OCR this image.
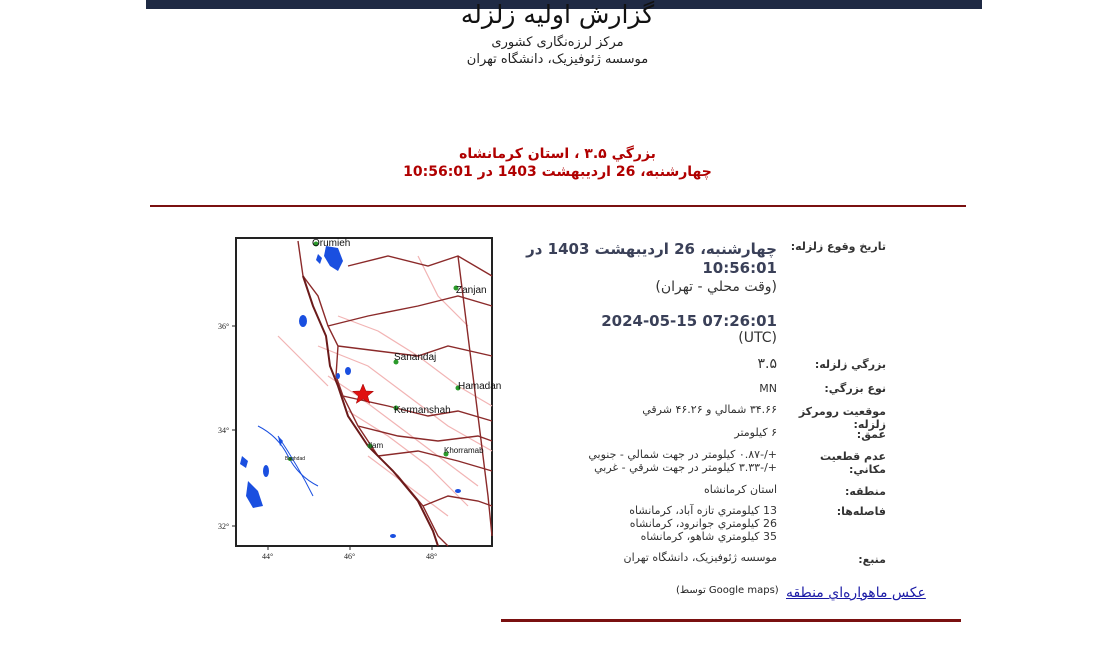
گزارش اولیه زلزله
مرکز لرزه‌نگاری کشوری
موسسه ژئوفیزیک، دانشگاه تهران
بزرگي ۳.۵ ، استان کرمانشاه
چهارشنبه، 26 ارديبهشت 1403 در 10:56:01
Orumieh
Zanjan
Sanandaj
Hamadan
Kermanshah
Ilam
Khorramab
Baghdad
36°
34°
32°
44°	46°	48°
تاريخ وقوع زلزله:
چهارشنبه، 26 ارديبهشت 1403 در 10:56:01
(وقت محلي - تهران)
2024-05-15 07:26:01
(UTC)
بزرگي زلزله:
۳.۵
نوع بزرگي:
MN
موقعيت رومرکز زلزله:
۳۴.۶۶ شمالي و ۴۶.۲۶ شرقي
عمق:
۶ کيلومتر
عدم قطعيت مکاني:
+/-۰.۸۷ کيلومتر در جهت شمالي - جنوبي
+/-۳.۳۳ کيلومتر در جهت شرقي - غربي
منطقه:
استان کرمانشاه
فاصله‌ها:
13 کيلومتري تازه آباد، کرمانشاه
26 کيلومتري جوانرود، کرمانشاه
35 کيلومتري شاهو، کرمانشاه
منبع:
موسسه ژئوفيزيک، دانشگاه تهران
(توسط Google maps) عکس ماهواره‌اي منطقه
